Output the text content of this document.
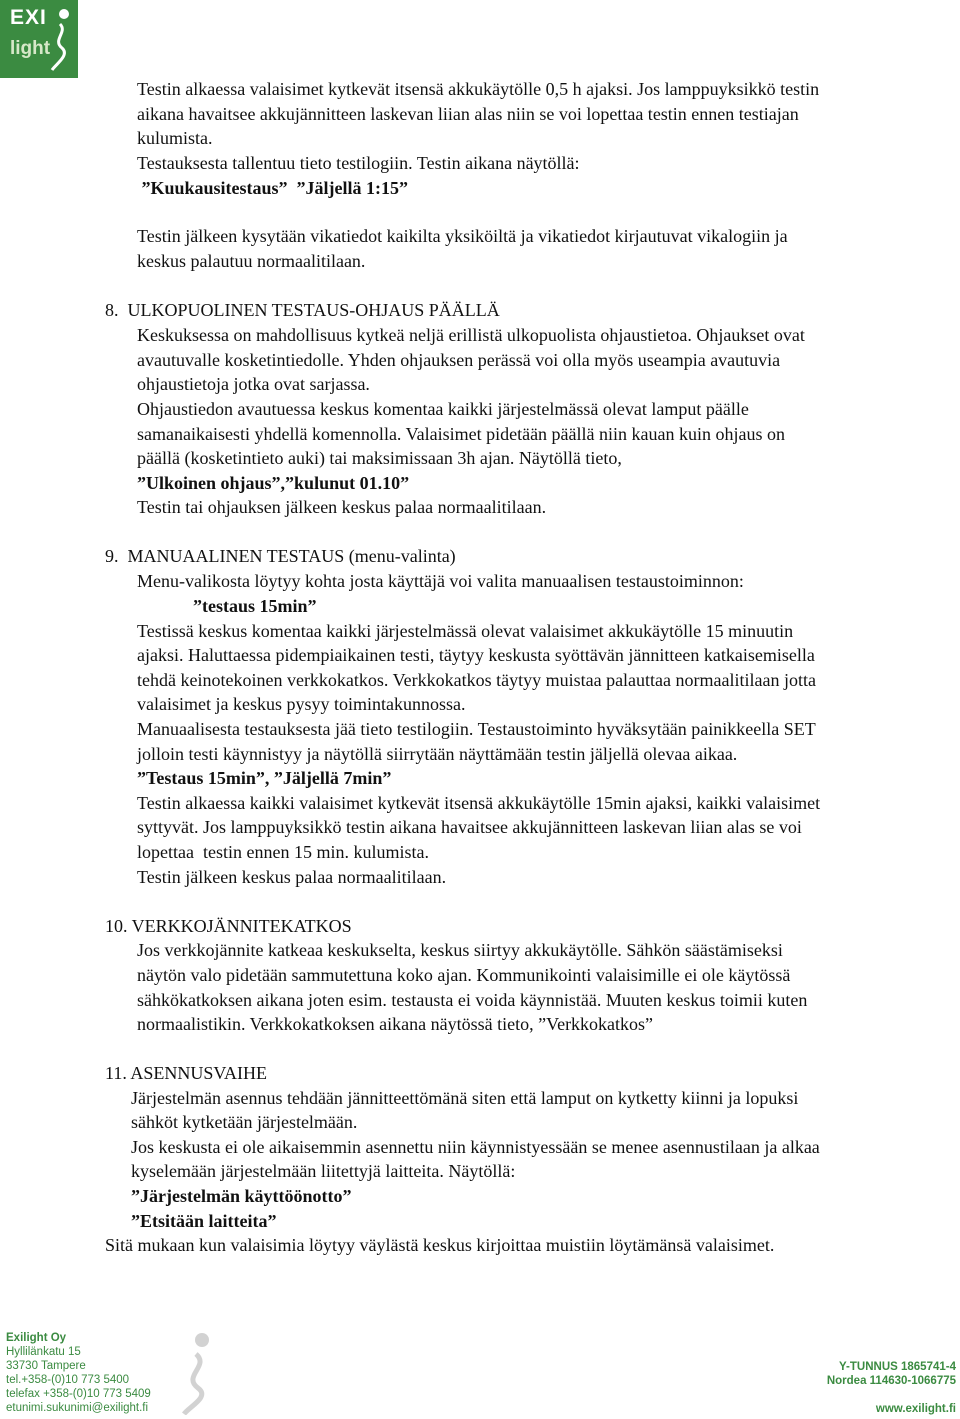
EXI
light
Testin alkaessa valaisimet kytkevät itsensä akkukäytölle 0,5 h ajaksi. Jos lamppuyksikkö testin
aikana havaitsee akkujännitteen laskevan liian alas niin se voi lopettaa testin ennen testiajan
kulumista.
Testauksesta tallentuu tieto testilogiin. Testin aikana näytöllä:
”Kuukausitestaus”  ”Jäljellä 1:15”
Testin jälkeen kysytään vikatiedot kaikilta yksiköiltä ja vikatiedot kirjautuvat vikalogiin ja
keskus palautuu normaalitilaan.
8.  ULKOPUOLINEN TESTAUS-OHJAUS PÄÄLLÄ
Keskuksessa on mahdollisuus kytkeä neljä erillistä ulkopuolista ohjaustietoa. Ohjaukset ovat
avautuvalle kosketintiedolle. Yhden ohjauksen perässä voi olla myös useampia avautuvia
ohjaustietoja jotka ovat sarjassa.
Ohjaustiedon avautuessa keskus komentaa kaikki järjestelmässä olevat lamput päälle
samanaikaisesti yhdellä komennolla. Valaisimet pidetään päällä niin kauan kuin ohjaus on
päällä (kosketintieto auki) tai maksimissaan 3h ajan. Näytöllä tieto,
”Ulkoinen ohjaus”,”kulunut 01.10”
Testin tai ohjauksen jälkeen keskus palaa normaalitilaan.
9.  MANUAALINEN TESTAUS (menu-valinta)
Menu-valikosta löytyy kohta josta käyttäjä voi valita manuaalisen testaustoiminnon:
”testaus 15min”
Testissä keskus komentaa kaikki järjestelmässä olevat valaisimet akkukäytölle 15 minuutin
ajaksi. Haluttaessa pidempiaikainen testi, täytyy keskusta syöttävän jännitteen katkaisemisella
tehdä keinotekoinen verkkokatkos. Verkkokatkos täytyy muistaa palauttaa normaalitilaan jotta
valaisimet ja keskus pysyy toimintakunnossa.
Manuaalisesta testauksesta jää tieto testilogiin. Testaustoiminto hyväksytään painikkeella SET
jolloin testi käynnistyy ja näytöllä siirrytään näyttämään testin jäljellä olevaa aikaa.
”Testaus 15min”, ”Jäljellä 7min”
Testin alkaessa kaikki valaisimet kytkevät itsensä akkukäytölle 15min ajaksi, kaikki valaisimet
syttyvät. Jos lamppuyksikkö testin aikana havaitsee akkujännitteen laskevan liian alas se voi
lopettaa  testin ennen 15 min. kulumista.
Testin jälkeen keskus palaa normaalitilaan.
10. VERKKOJÄNNITEKATKOS
Jos verkkojännite katkeaa keskukselta, keskus siirtyy akkukäytölle. Sähkön säästämiseksi
näytön valo pidetään sammutettuna koko ajan. Kommunikointi valaisimille ei ole käytössä
sähkökatkoksen aikana joten esim. testausta ei voida käynnistää. Muuten keskus toimii kuten
normaalistikin. Verkkokatkoksen aikana näytössä tieto, ”Verkkokatkos”
11. ASENNUSVAIHE
Järjestelmän asennus tehdään jännitteettömänä siten että lamput on kytketty kiinni ja lopuksi
sähköt kytketään järjestelmään.
Jos keskusta ei ole aikaisemmin asennettu niin käynnistyessään se menee asennustilaan ja alkaa
kyselemään järjestelmään liitettyjä laitteita. Näytöllä:
”Järjestelmän käyttöönotto”
”Etsitään laitteita”
Sitä mukaan kun valaisimia löytyy väylästä keskus kirjoittaa muistiin löytämänsä valaisimet.
Exilight Oy
Hyllilänkatu 15
33730 Tampere
tel.+358-(0)10 773 5400
telefax +358-(0)10 773 5409
etunimi.sukunimi@exilight.fi
Y-TUNNUS 1865741-4
Nordea 114630-1066775
www.exilight.fi
